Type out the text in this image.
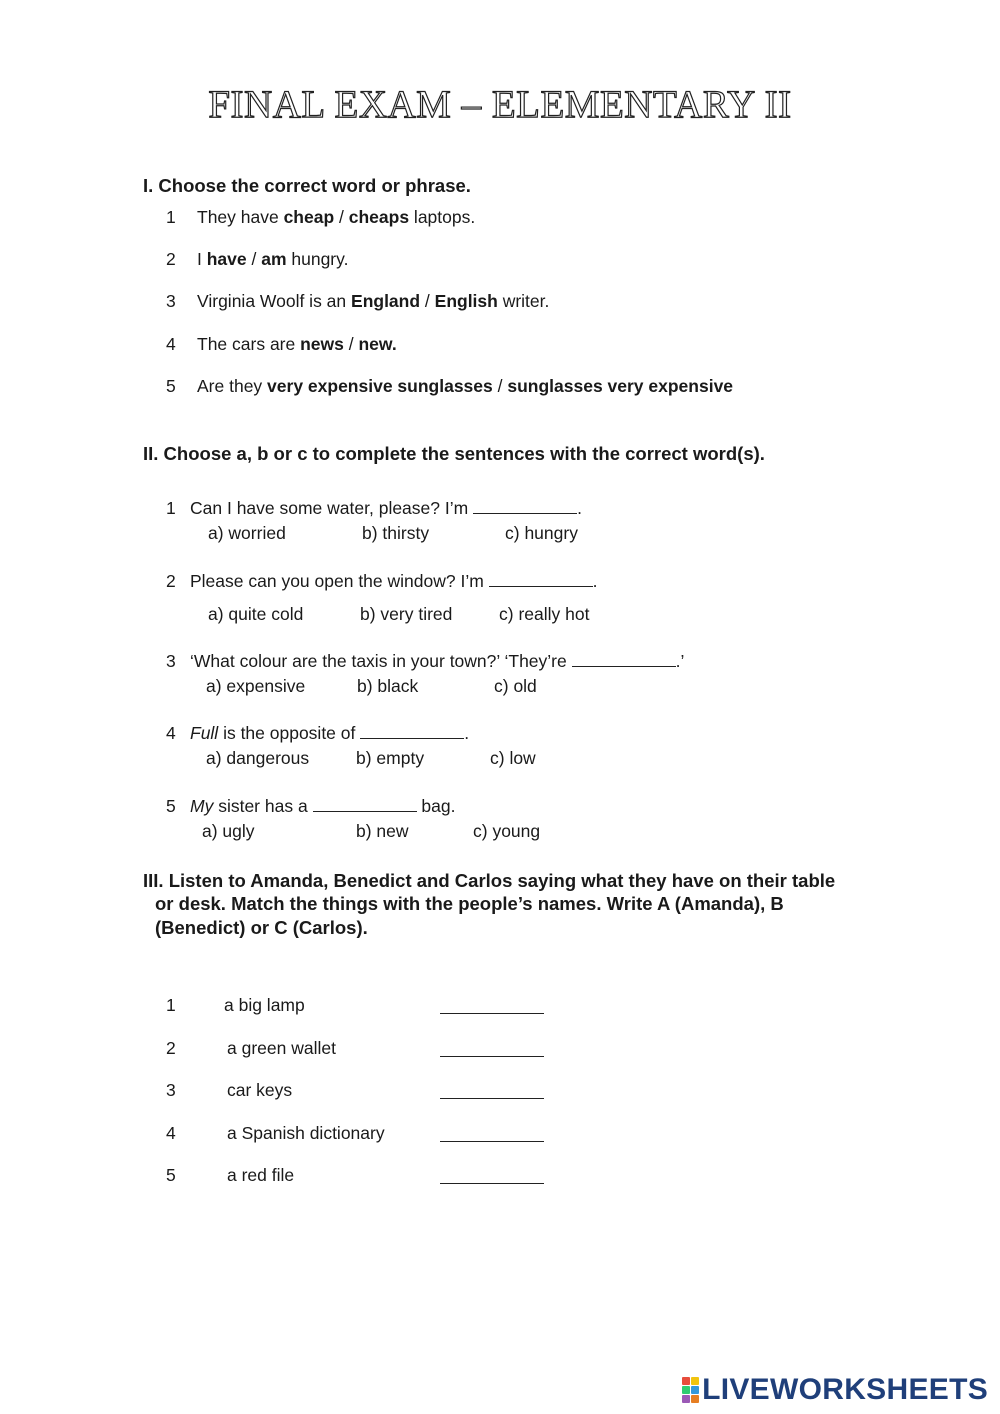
FINAL EXAM – ELEMENTARY II
I. Choose the correct word or phrase.
1 They have cheap / cheaps laptops.
2 I have / am hungry.
3 Virginia Woolf is an England / English writer.
4 The cars are news / new.
5 Are they very expensive sunglasses / sunglasses very expensive
II. Choose a, b or c to complete the sentences with the correct word(s).
1 Can I have some water, please? I’m	.
a) worried	b) thirsty	c) hungry
2 Please can you open the window? I’m	.
a) quite cold	b) very tired	c) really hot
3 ‘What colour are the taxis in your town?’ ‘They’re	.’
a) expensive	b) black	c) old
4 Full is the opposite of	.
a) dangerous	b) empty	c) low
5 My sister has a	bag.
a) ugly	b) new	c) young
III. Listen to Amanda, Benedict and Carlos saying what they have on their table
or desk. Match the things with the people’s names. Write A (Amanda), B
(Benedict) or C (Carlos).
1	a big lamp
2	a green wallet
3	car keys
4	a Spanish dictionary
5	a red file
LIVEWORKSHEETS
